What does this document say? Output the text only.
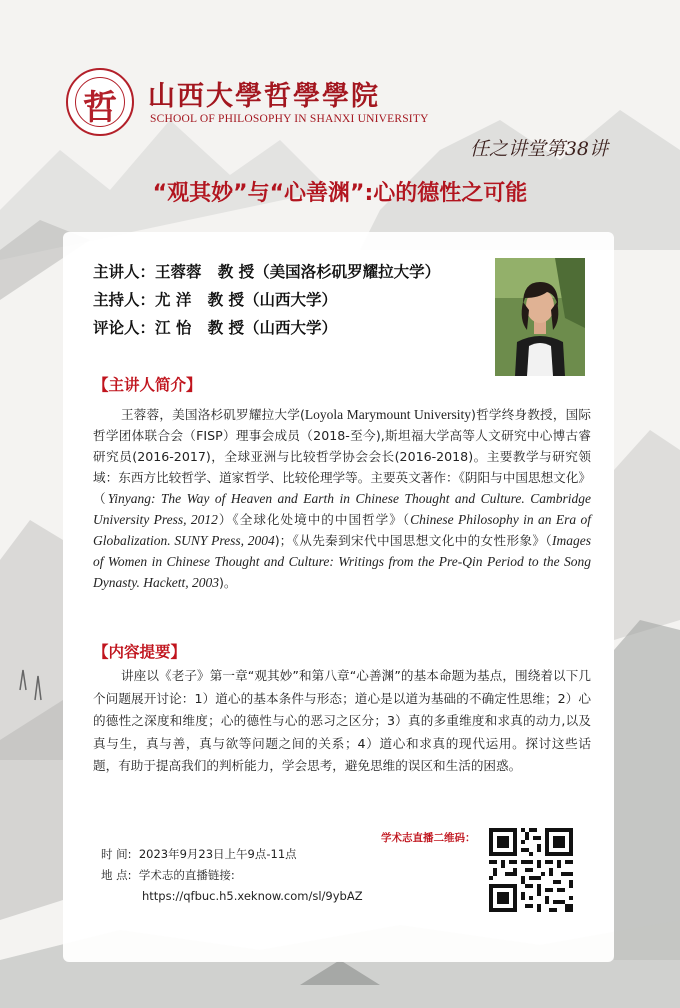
哲	山西大學哲學學院
SCHOOL OF PHILOSOPHY IN SHANXI UNIVERSITY
任之讲堂第38讲
“观其妙”与“心善渊”:心的德性之可能
主讲人：王蓉蓉 教 授（美国洛杉矶罗耀拉大学）
主持人：尤 洋 教 授（山西大学）
评论人：江 怡 教 授（山西大学）
【主讲人简介】
王蓉蓉，美国洛杉矶罗耀拉大学(Loyola Marymount University)哲学终身教授，国际哲学团体联合会（FISP）理事会成员（2018-至今),斯坦福大学高等人文研究中心博古睿研究员(2016-2017)，全球亚洲与比较哲学协会会长(2016-2018)。主要教学与研究领域：东西方比较哲学、道家哲学、比较伦理学等。主要英文著作：《阴阳与中国思想文化》（Yinyang: The Way of Heaven and Earth in Chinese Thought and Culture. Cambridge University Press, 2012）《全球化处境中的中国哲学》（Chinese Philosophy in an Era of Globalization. SUNY Press, 2004)；《从先秦到宋代中国思想文化中的女性形象》（Images of Women in Chinese Thought and Culture: Writings from the Pre-Qin Period to the Song Dynasty. Hackett, 2003)。
【内容提要】
讲座以《老子》第一章“观其妙”和第八章“心善渊”的基本命题为基点，围绕着以下几个问题展开讨论：1）道心的基本条件与形态；道心是以道为基础的不确定性思维；2）心的德性之深度和维度；心的德性与心的恶习之区分；3）真的多重维度和求真的动力,以及真与生，真与善，真与欲等问题之间的关系；4）道心和求真的现代运用。探讨这些话题，有助于提高我们的判析能力，学会思考，避免思维的误区和生活的困惑。
学术志直播二维码：
时 间: 2023年9月23日上午9点-11点
地 点: 学术志的直播链接:
https://qfbuc.h5.xeknow.com/sl/9ybAZ
